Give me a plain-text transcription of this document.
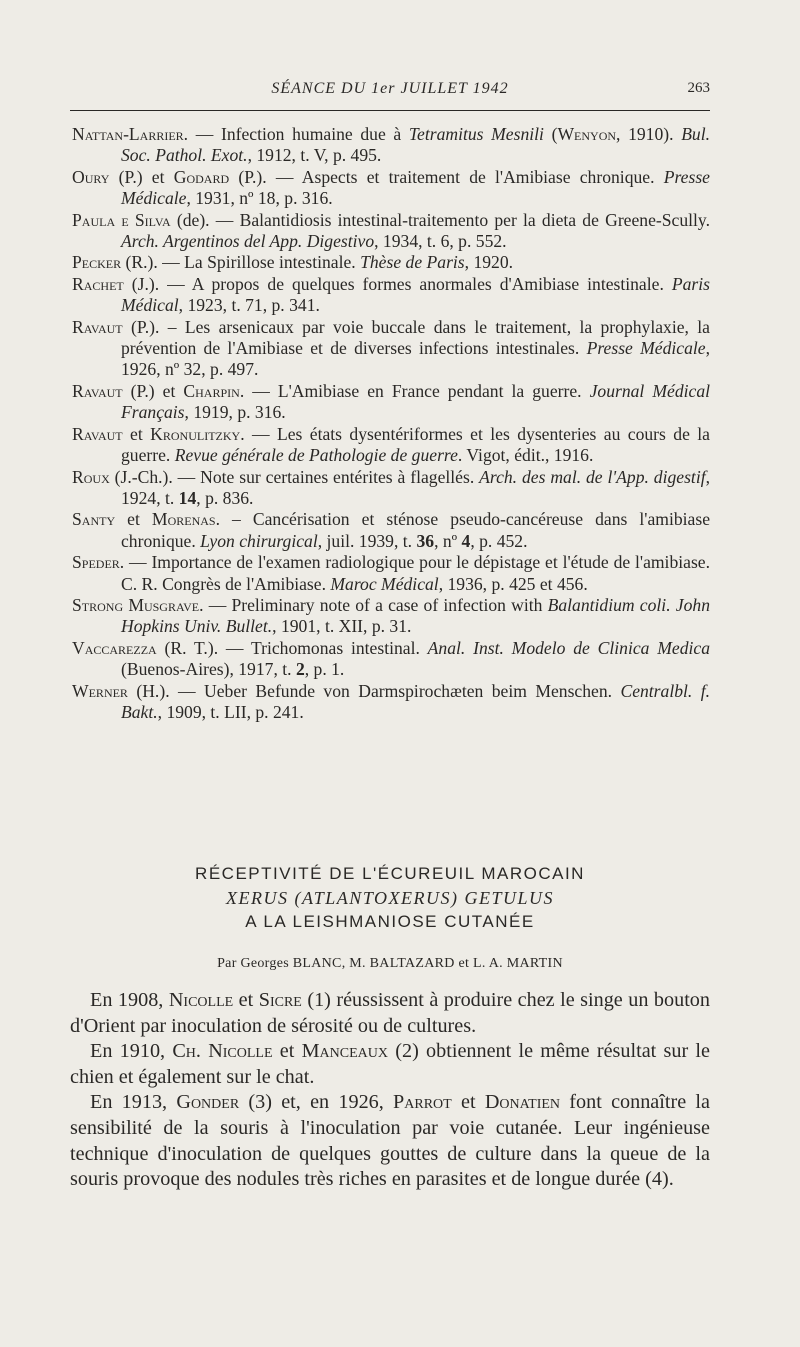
SÉANCE DU 1er JUILLET 1942	263

Nattan-Larrier. — Infection humaine due à Tetramitus Mesnili (Wenyon, 1910). Bul. Soc. Pathol. Exot., 1912, t. V, p. 495.

Oury (P.) et Godard (P.). — Aspects et traitement de l'Amibiase chronique. Presse Médicale, 1931, nº 18, p. 316.

Paula e Silva (de). — Balantidiosis intestinal-traitemento per la dieta de Greene-Scully. Arch. Argentinos del App. Digestivo, 1934, t. 6, p. 552.

Pecker (R.). — La Spirillose intestinale. Thèse de Paris, 1920.

Rachet (J.). — A propos de quelques formes anormales d'Amibiase intestinale. Paris Médical, 1923, t. 71, p. 341.

Ravaut (P.). – Les arsenicaux par voie buccale dans le traitement, la prophylaxie, la prévention de l'Amibiase et de diverses infections intestinales. Presse Médicale, 1926, nº 32, p. 497.

Ravaut (P.) et Charpin. — L'Amibiase en France pendant la guerre. Journal Médical Français, 1919, p. 316.

Ravaut et Kronulitzky. — Les états dysentériformes et les dysenteries au cours de la guerre. Revue générale de Pathologie de guerre. Vigot, édit., 1916.

Roux (J.-Ch.). — Note sur certaines entérites à flagellés. Arch. des mal. de l'App. digestif, 1924, t. 14, p. 836.

Santy et Morenas. – Cancérisation et sténose pseudo-cancéreuse dans l'amibiase chronique. Lyon chirurgical, juil. 1939, t. 36, nº 4, p. 452.

Speder. — Importance de l'examen radiologique pour le dépistage et l'étude de l'amibiase. C. R. Congrès de l'Amibiase. Maroc Médical, 1936, p. 425 et 456.

Strong Musgrave. — Preliminary note of a case of infection with Balantidium coli. John Hopkins Univ. Bullet., 1901, t. XII, p. 31.

Vaccarezza (R. T.). — Trichomonas intestinal. Anal. Inst. Modelo de Clinica Medica (Buenos-Aires), 1917, t. 2, p. 1.

Werner (H.). — Ueber Befunde von Darmspirochæten beim Menschen. Centralbl. f. Bakt., 1909, t. LII, p. 241.

RÉCEPTIVITÉ DE L'ÉCUREUIL MAROCAIN
XERUS (ATLANTOXERUS) GETULUS
A LA LEISHMANIOSE CUTANÉE
Par Georges BLANC, M. BALTAZARD et L. A. MARTIN

En 1908, Nicolle et Sicre (1) réussissent à produire chez le singe un bouton d'Orient par inoculation de sérosité ou de cultures.

En 1910, Ch. Nicolle et Manceaux (2) obtiennent le même résultat sur le chien et également sur le chat.

En 1913, Gonder (3) et, en 1926, Parrot et Donatien font connaître la sensibilité de la souris à l'inoculation par voie cutanée. Leur ingénieuse technique d'inoculation de quelques gouttes de culture dans la queue de la souris provoque des nodules très riches en parasites et de longue durée (4).
